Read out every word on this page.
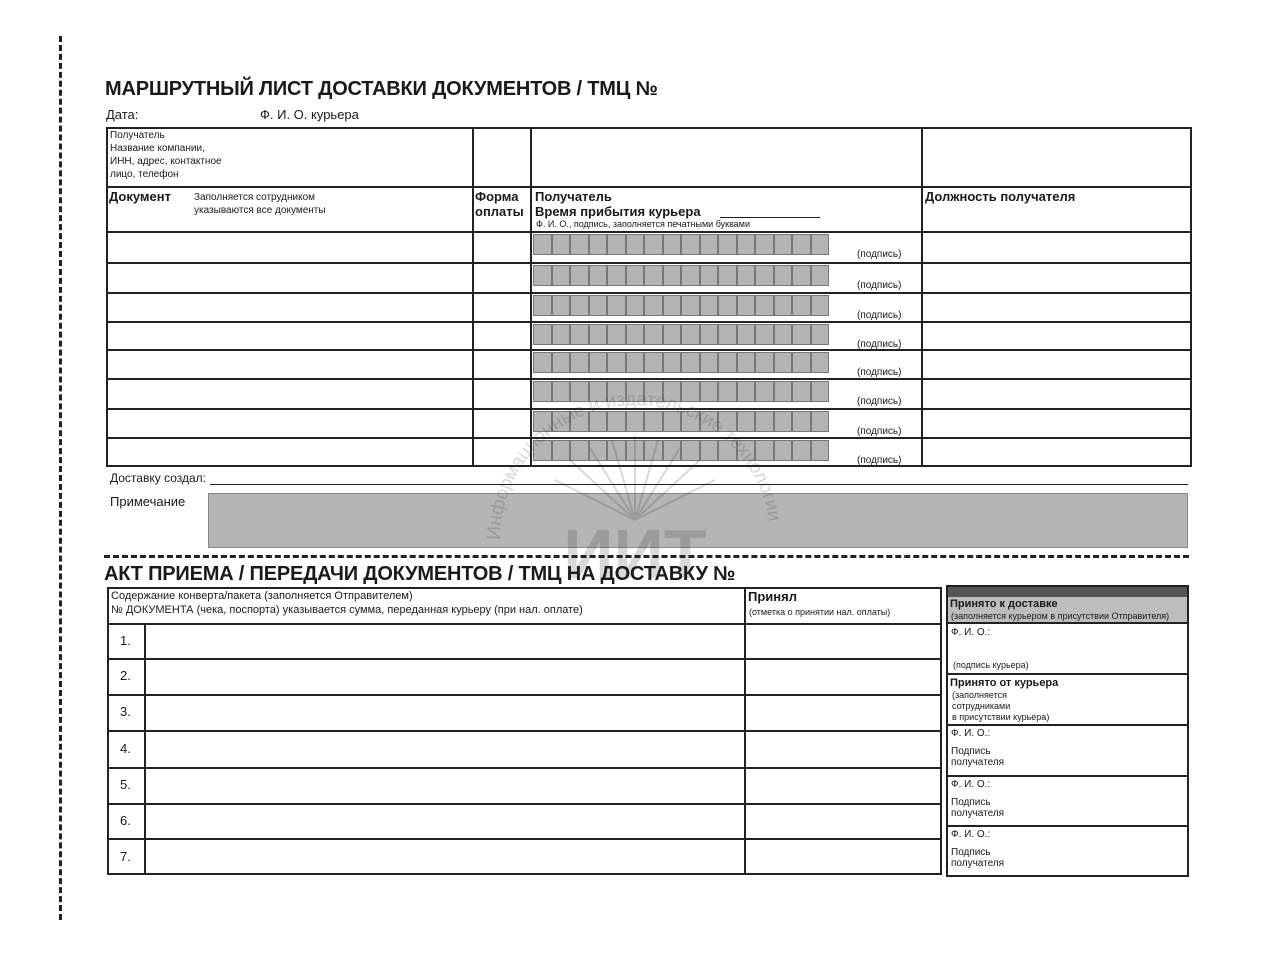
МАРШРУТНЫЙ ЛИСТ ДОСТАВКИ ДОКУМЕНТОВ / ТМЦ №
Дата:	Ф. И. О. курьера
Получатель
Название компании,
ИНН, адрес, контактное
лицо, телефон
Документ Заполняется сотрудником
указываются все документы
Форма
оплаты
Получатель
Время прибытия курьера
Ф. И. О., подпись, заполняется печатными буквами
Должность получателя
(подпись)
(подпись)
(подпись)
(подпись)
(подпись)
(подпись)
(подпись)
(подпись)
Доставку создал:
Примечание
АКТ ПРИЕМА / ПЕРЕДАЧИ ДОКУМЕНТОВ / ТМЦ НА ДОСТАВКУ №
Содержание конверта/пакета (заполняется Отправителем)
№ ДОКУМЕНТА (чека, поспорта) указывается сумма, переданная курьеру (при нал. оплате)
Принял
(отметка о принятии нал. оплаты)
1.
2.
3.
4.
5.
6.
7.
Принято к доставке
(заполняется курьером в присутствии Отправителя)
Ф. И. О.:
(подпись курьера)
Принято от курьера
(заполняется
сотрудниками
в присутствии курьера)
Ф. И. О.:
Подпись
получателя
Ф. И. О.:
Подпись
получателя
Ф. И. О.:
Подпись
получателя
рмацио и ль т оло
